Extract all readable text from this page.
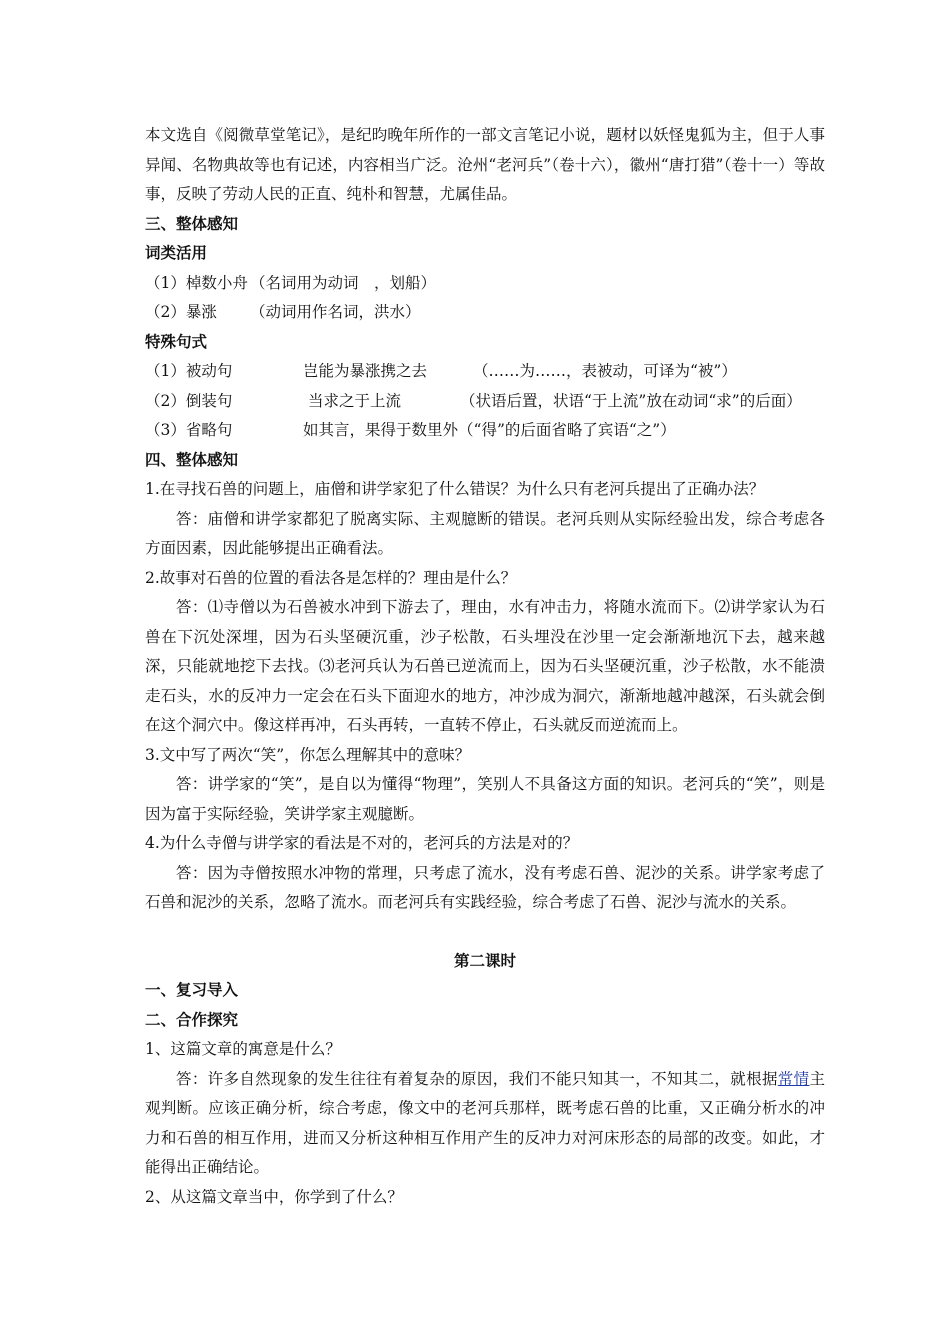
本文选自《阅微草堂笔记》，是纪昀晚年所作的一部文言笔记小说，题材以妖怪鬼狐为主，但于人事异闻、名物典故等也有记述，内容相当广泛。沧州“老河兵”（卷十六），徽州“唐打猎”（卷十一）等故事，反映了劳动人民的正直、纯朴和智慧，尤属佳品。

三、整体感知

词类活用

（1）棹数小舟 （名词用为动词　，划船）

（2）暴涨 （动词用作名词，洪水）

特殊句式

（1）被动句	岂能为暴涨携之去	（……为……，表被动，可译为“被”）

（2）倒装句	当求之于上流	（状语后置，状语“于上流”放在动词“求”的后面）

（3）省略句	如其言，果得于数里外（“得”的后面省略了宾语“之”）

四、整体感知

1.在寻找石兽的问题上，庙僧和讲学家犯了什么错误？为什么只有老河兵提出了正确办法？

答：庙僧和讲学家都犯了脱离实际、主观臆断的错误。老河兵则从实际经验出发，综合考虑各方面因素，因此能够提出正确看法。

2.故事对石兽的位置的看法各是怎样的？理由是什么？

答：⑴寺僧以为石兽被水冲到下游去了，理由，水有冲击力，将随水流而下。⑵讲学家认为石兽在下沉处深埋，因为石头坚硬沉重，沙子松散，石头埋没在沙里一定会渐渐地沉下去，越来越深，只能就地挖下去找。⑶老河兵认为石兽已逆流而上，因为石头坚硬沉重，沙子松散，水不能溃走石头，水的反冲力一定会在石头下面迎水的地方，冲沙成为洞穴，渐渐地越冲越深，石头就会倒在这个洞穴中。像这样再冲，石头再转，一直转不停止，石头就反而逆流而上。

3.文中写了两次“笑”，你怎么理解其中的意味？

答：讲学家的“笑”，是自以为懂得“物理”，笑别人不具备这方面的知识。老河兵的“笑”，则是因为富于实际经验，笑讲学家主观臆断。

4.为什么寺僧与讲学家的看法是不对的，老河兵的方法是对的？

答：因为寺僧按照水冲物的常理，只考虑了流水，没有考虑石兽、泥沙的关系。讲学家考虑了石兽和泥沙的关系，忽略了流水。而老河兵有实践经验，综合考虑了石兽、泥沙与流水的关系。

第二课时

一、复习导入

二、合作探究

1、这篇文章的寓意是什么？

答：许多自然现象的发生往往有着复杂的原因，我们不能只知其一，不知其二，就根据常情主观判断。应该正确分析，综合考虑，像文中的老河兵那样，既考虑石兽的比重，又正确分析水的冲力和石兽的相互作用，进而又分析这种相互作用产生的反冲力对河床形态的局部的改变。如此，才能得出正确结论。

2、从这篇文章当中，你学到了什么？
